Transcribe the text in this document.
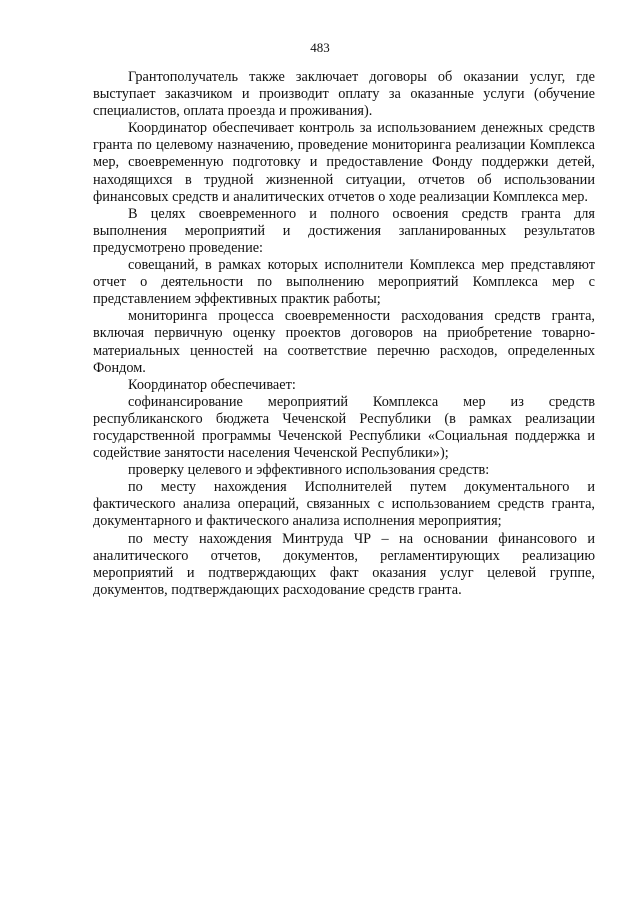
483

Грантополучатель также заключает договоры об оказании услуг, где выступает заказчиком и производит оплату за оказанные услуги (обучение специалистов, оплата проезда и проживания).

Координатор обеспечивает контроль за использованием денежных средств гранта по целевому назначению, проведение мониторинга реализации Комплекса мер, своевременную подготовку и предоставление Фонду поддержки детей, находящихся в трудной жизненной ситуации, отчетов об использовании финансовых средств и аналитических отчетов о ходе реализации Комплекса мер.

В целях своевременного и полного освоения средств гранта для выполнения мероприятий и достижения запланированных результатов предусмотрено проведение:

совещаний, в рамках которых исполнители Комплекса мер представляют отчет о деятельности по выполнению мероприятий Комплекса мер с представлением эффективных практик работы;

мониторинга процесса своевременности расходования средств гранта, включая первичную оценку проектов договоров на приобретение товарно-материальных ценностей на соответствие перечню расходов, определенных Фондом.

Координатор обеспечивает:

софинансирование мероприятий Комплекса мер из средств республиканского бюджета Чеченской Республики (в рамках реализации государственной программы Чеченской Республики «Социальная поддержка и содействие занятости населения Чеченской Республики»);

проверку целевого и эффективного использования средств:

по месту нахождения Исполнителей путем документального и фактического анализа операций, связанных с использованием средств гранта, документарного и фактического анализа исполнения мероприятия;

по месту нахождения Минтруда ЧР – на основании финансового и аналитического отчетов, документов, регламентирующих реализацию мероприятий и подтверждающих факт оказания услуг целевой группе, документов, подтверждающих расходование средств гранта.
